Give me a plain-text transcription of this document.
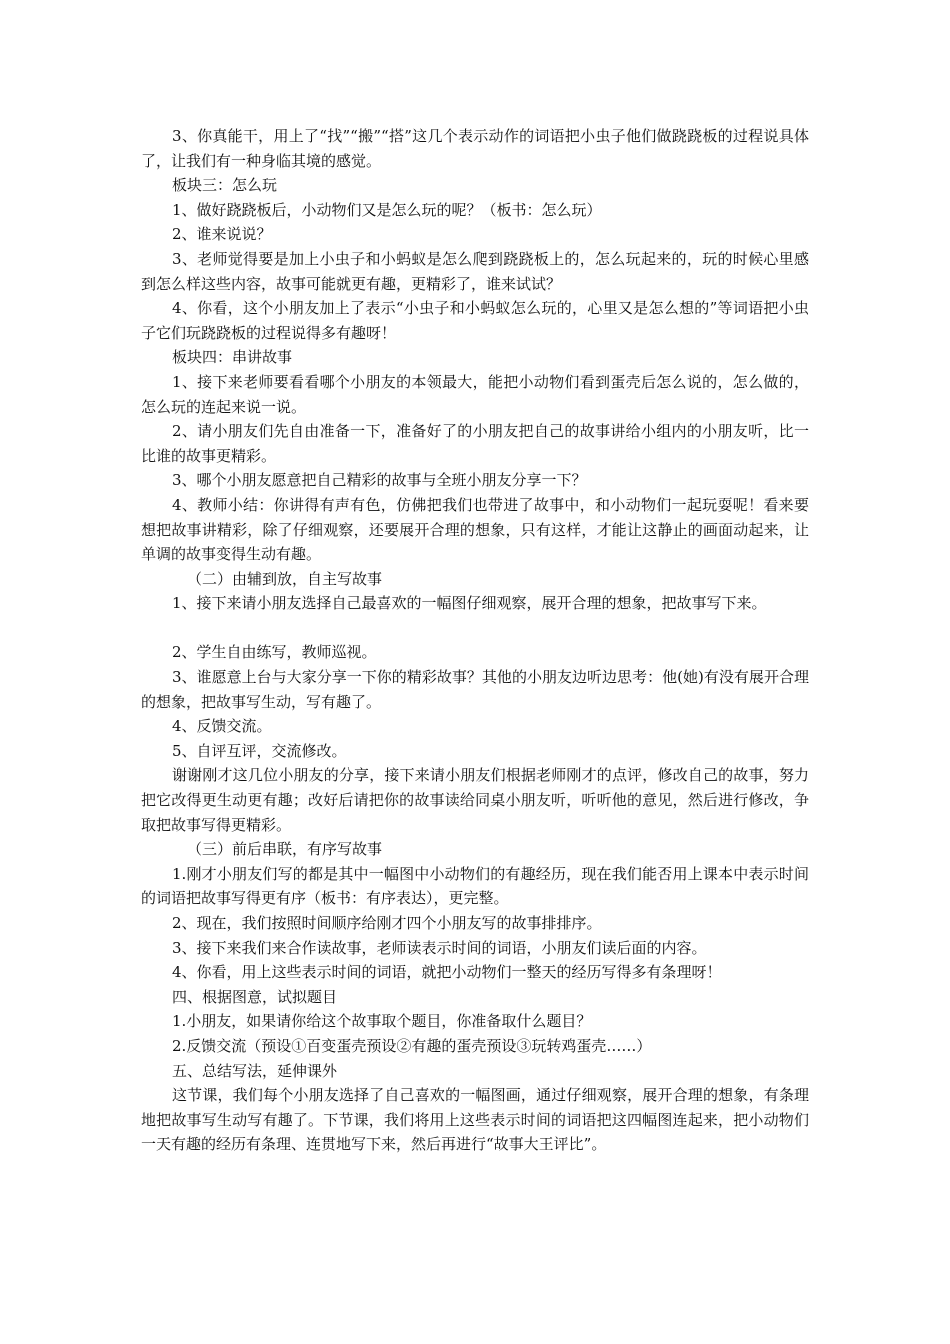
3、你真能干，用上了“找”“搬”“搭”这几个表示动作的词语把小虫子他们做跷跷板的过程说具体了，让我们有一种身临其境的感觉。

板块三：怎么玩

1、做好跷跷板后，小动物们又是怎么玩的呢？（板书：怎么玩）

2、谁来说说？

3、老师觉得要是加上小虫子和小蚂蚁是怎么爬到跷跷板上的，怎么玩起来的，玩的时候心里感到怎么样这些内容，故事可能就更有趣，更精彩了，谁来试试？

4、你看，这个小朋友加上了表示“小虫子和小蚂蚁怎么玩的，心里又是怎么想的”等词语把小虫子它们玩跷跷板的过程说得多有趣呀！

板块四：串讲故事

1、接下来老师要看看哪个小朋友的本领最大，能把小动物们看到蛋壳后怎么说的，怎么做的，怎么玩的连起来说一说。

2、请小朋友们先自由准备一下，准备好了的小朋友把自己的故事讲给小组内的小朋友听，比一比谁的故事更精彩。

3、哪个小朋友愿意把自己精彩的故事与全班小朋友分享一下？

4、教师小结：你讲得有声有色，仿佛把我们也带进了故事中，和小动物们一起玩耍呢！看来要想把故事讲精彩，除了仔细观察，还要展开合理的想象，只有这样，才能让这静止的画面动起来，让单调的故事变得生动有趣。

（二）由辅到放，自主写故事

1、接下来请小朋友选择自己最喜欢的一幅图仔细观察，展开合理的想象，把故事写下来。

2、学生自由练写，教师巡视。

3、谁愿意上台与大家分享一下你的精彩故事？其他的小朋友边听边思考：他(她)有没有展开合理的想象，把故事写生动，写有趣了。

4、反馈交流。

5、自评互评，交流修改。

谢谢刚才这几位小朋友的分享，接下来请小朋友们根据老师刚才的点评，修改自己的故事，努力把它改得更生动更有趣；改好后请把你的故事读给同桌小朋友听，听听他的意见，然后进行修改，争取把故事写得更精彩。

（三）前后串联，有序写故事

1.刚才小朋友们写的都是其中一幅图中小动物们的有趣经历，现在我们能否用上课本中表示时间的词语把故事写得更有序（板书：有序表达），更完整。

2、现在，我们按照时间顺序给刚才四个小朋友写的故事排排序。

3、接下来我们来合作读故事，老师读表示时间的词语，小朋友们读后面的内容。

4、你看，用上这些表示时间的词语，就把小动物们一整天的经历写得多有条理呀！

四、根据图意，试拟题目

1.小朋友，如果请你给这个故事取个题目，你准备取什么题目？

2.反馈交流（预设①百变蛋壳预设②有趣的蛋壳预设③玩转鸡蛋壳……）

五、总结写法，延伸课外

这节课，我们每个小朋友选择了自己喜欢的一幅图画，通过仔细观察，展开合理的想象，有条理地把故事写生动写有趣了。下节课，我们将用上这些表示时间的词语把这四幅图连起来，把小动物们一天有趣的经历有条理、连贯地写下来，然后再进行“故事大王评比”。
